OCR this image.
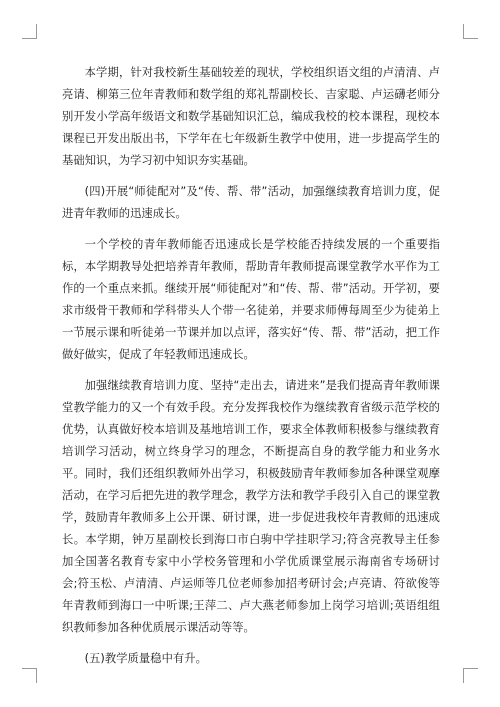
本学期，针对我校新生基础较差的现状，学校组织语文组的卢清清、卢亮请、柳第三位年青教师和数学组的郑礼帮副校长、吉家聪、卢运礴老师分别开发小学高年级语文和数学基础知识汇总，编成我校的校本课程，现校本课程已开发出版出书，下学年在七年级新生教学中使用，进一步提高学生的基础知识，为学习初中知识夯实基础。

(四)开展“师徒配对”及“传、帮、带”活动，加强继续教育培训力度，促进青年教师的迅速成长。

一个学校的青年教师能否迅速成长是学校能否持续发展的一个重要指标，本学期教导处把培养青年教师，帮助青年教师提高课堂教学水平作为工作的一个重点来抓。继续开展“师徒配对”和“传、帮、带”活动。开学初，要求市级骨干教师和学科带头人个带一名徒弟，并要求师傅每周至少为徒弟上一节展示课和听徒弟一节课并加以点评，落实好“传、帮、带”活动，把工作做好做实，促成了年轻教师迅速成长。

加强继续教育培训力度、坚持“走出去，请进来”是我们提高青年教师课堂教学能力的又一个有效手段。充分发挥我校作为继续教育省级示范学校的优势，认真做好校本培训及基地培训工作，要求全体教师积极参与继续教育培训学习活动，树立终身学习的理念，不断提高自身的教学能力和业务水平。同时，我们还组织教师外出学习，积极鼓励青年教师参加各种课堂观摩活动，在学习后把先进的教学理念，教学方法和教学手段引入自己的课堂教学，鼓励青年教师多上公开课、研讨课，进一步促进我校年青教师的迅速成长。本学期，钟万星副校长到海口市白驹中学挂职学习;符含亮教导主任参加全国著名教育专家中小学校务管理和小学优质课堂展示海南省专场研讨会;符玉松、卢清清、卢运师等几位老师参加招考研讨会;卢亮请、符欲俊等年青教师到海口一中听课;王萍二、卢大燕老师参加上岗学习培训;英语组组织教师参加各种优质展示课活动等等。

(五)教学质量稳中有升。
